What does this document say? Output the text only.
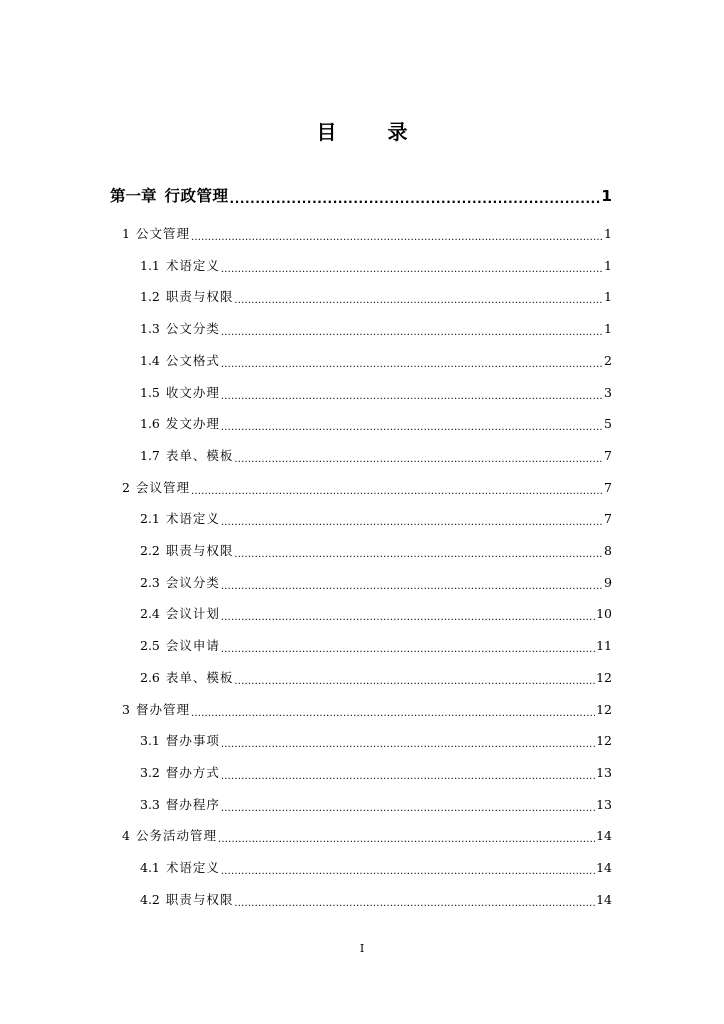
目 录
第一章 行政管理 .....	1
1 公文管理 .....	1
1.1 术语定义 .....	1
1.2 职责与权限 .....	1
1.3 公文分类 .....	1
1.4 公文格式 .....	2
1.5 收文办理 .....	3
1.6 发文办理 .....	5
1.7 表单、模板 .....	7
2 会议管理 .....	7
2.1 术语定义 .....	7
2.2 职责与权限 .....	8
2.3 会议分类 .....	9
2.4 会议计划 .....	10
2.5 会议申请 .....	11
2.6 表单、模板 .....	12
3 督办管理 .....	12
3.1 督办事项 .....	12
3.2 督办方式 .....	13
3.3 督办程序 .....	13
4 公务活动管理 .....	14
4.1 术语定义 .....	14
4.2 职责与权限 .....	14
I
